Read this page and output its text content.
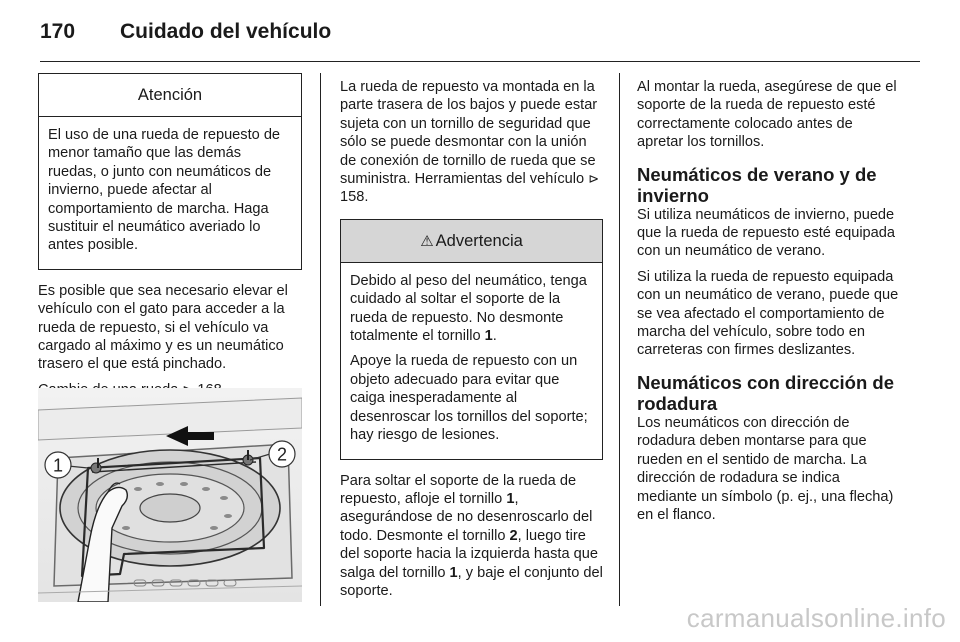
170 Cuidado del vehículo
Atención

El uso de una rueda de repuesto de menor tamaño que las demás ruedas, o junto con neumáticos de invierno, puede afectar al comportamiento de marcha. Haga sustituir el neumático averiado lo antes posible.

Es posible que sea necesario elevar el vehículo con el gato para acceder a la rueda de repuesto, si el vehículo va cargado al máximo y es un neumático trasero el que está pinchado.

1
2

La rueda de repuesto va montada en la parte trasera de los bajos y puede estar sujeta con un tornillo de seguridad que sólo se puede desmontar con la unión de conexión de tornillo de rueda que se suministra. Herramientas del vehículo ⊳ 158.

⚠ Advertencia

Debido al peso del neumático, tenga cuidado al soltar el soporte de la rueda de repuesto. No desmonte totalmente el tornillo 1.

Apoye la rueda de repuesto con un objeto adecuado para evitar que caiga inesperadamente al desenroscar los tornillos del soporte; hay riesgo de lesiones.

Para soltar el soporte de la rueda de repuesto, afloje el tornillo 1, asegurándose de no desenroscarlo del todo. Desmonte el tornillo 2, luego tire del soporte hacia la izquierda hasta que salga del tornillo 1, y baje el conjunto del soporte.

Al montar la rueda, asegúrese de que el soporte de la rueda de repuesto esté correctamente colocado antes de apretar los tornillos.

Neumáticos de verano y de invierno

Si utiliza neumáticos de invierno, puede que la rueda de repuesto esté equipada con un neumático de verano.

Si utiliza la rueda de repuesto equipada con un neumático de verano, puede que se vea afectado el comportamiento de marcha del vehículo, sobre todo en carreteras con firmes deslizantes.

Neumáticos con dirección de rodadura

Los neumáticos con dirección de rodadura deben montarse para que rueden en el sentido de marcha. La dirección de rodadura se indica mediante un símbolo (p. ej., una flecha) en el flanco.

carmanualsonline.info
